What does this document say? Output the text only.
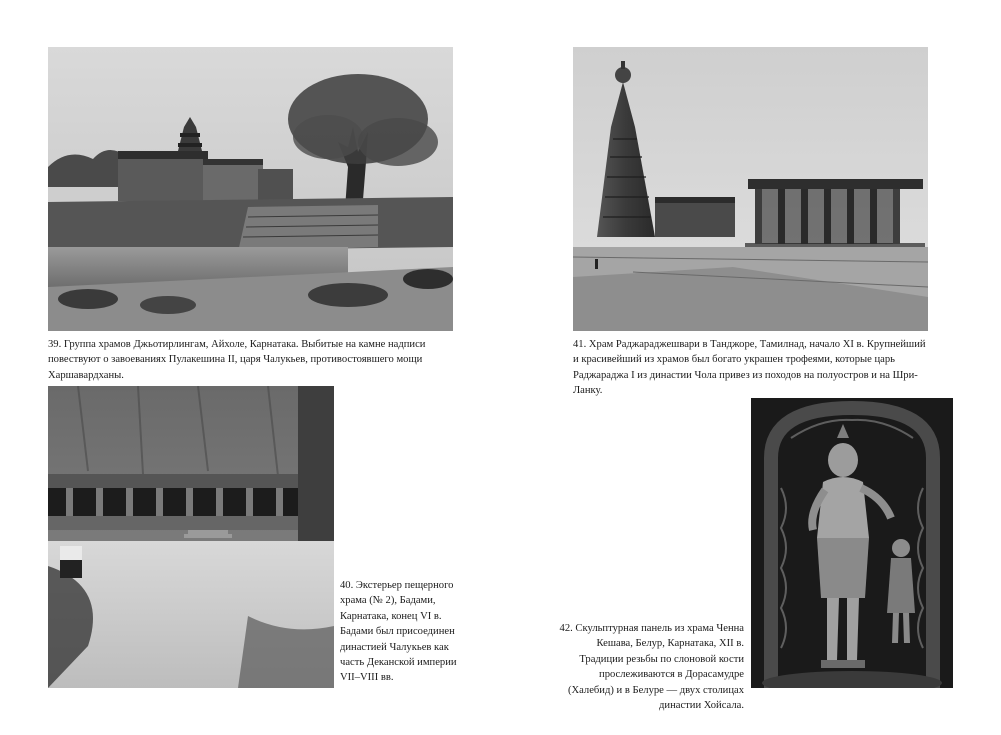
39. Группа храмов Джьотирлингам, Айхоле, Карнатака. Выбитые на камне надписи повествуют о завоеваниях Пулакешина II, царя Чалукьев, противостоявшего мощи Харшавардханы.

41. Храм Раджараджешвари в Танджоре, Тамилнад, начало XI в. Крупнейший и красивейший из храмов был богато украшен трофеями, которые царь Раджараджа I из династии Чола привез из походов на полуостров и на Шри-Ланку.

40. Экстерьер пещерного храма (№ 2), Бадами, Карнатака, конец VI в. Бадами был присоединен династией Чалукьев как часть Деканской империи VII–VIII вв.

42. Скульптурная панель из храма Ченна Кешава, Белур, Карнатака, XII в. Традиции резьбы по слоновой кости прослеживаются в Дорасамудре (Халебид) и в Белуре — двух столицах династии Хойсала.
